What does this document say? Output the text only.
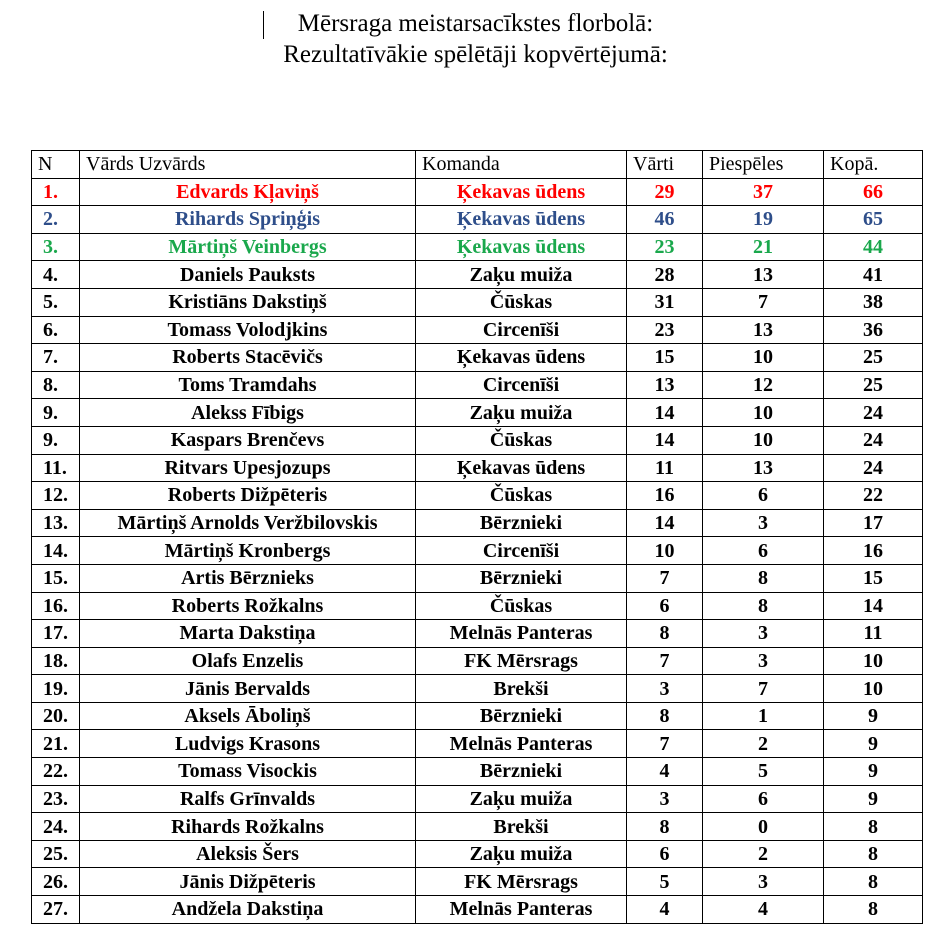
Mērsraga meistarsacīkstes florbolā:
Rezultatīvākie spēlētāji kopvērtējumā:
N	Vārds Uzvārds	Komanda	Vārti	Piespēles	Kopā.
1.	Edvards Kļaviņš	Ķekavas ūdens	29	37	66
2.	Rihards Spriņģis	Ķekavas ūdens	46	19	65
3.	Mārtiņš Veinbergs	Ķekavas ūdens	23	21	44
4.	Daniels Pauksts	Zaķu muiža	28	13	41
5.	Kristiāns Dakstiņš	Čūskas	31	7	38
6.	Tomass Volodjkins	Circenīši	23	13	36
7.	Roberts Stacēvičs	Ķekavas ūdens	15	10	25
8.	Toms Tramdahs	Circenīši	13	12	25
9.	Alekss Fībigs	Zaķu muiža	14	10	24
9.	Kaspars Brenčevs	Čūskas	14	10	24
11.	Ritvars Upesjozups	Ķekavas ūdens	11	13	24
12.	Roberts Dižpēteris	Čūskas	16	6	22
13.	Mārtiņš Arnolds Veržbilovskis	Bērznieki	14	3	17
14.	Mārtiņš Kronbergs	Circenīši	10	6	16
15.	Artis Bērznieks	Bērznieki	7	8	15
16.	Roberts Rožkalns	Čūskas	6	8	14
17.	Marta Dakstiņa	Melnās Panteras	8	3	11
18.	Olafs Enzelis	FK Mērsrags	7	3	10
19.	Jānis Bervalds	Brekši	3	7	10
20.	Aksels Āboliņš	Bērznieki	8	1	9
21.	Ludvigs Krasons	Melnās Panteras	7	2	9
22.	Tomass Visockis	Bērznieki	4	5	9
23.	Ralfs Grīnvalds	Zaķu muiža	3	6	9
24.	Rihards Rožkalns	Brekši	8	0	8
25.	Aleksis Šers	Zaķu muiža	6	2	8
26.	Jānis Dižpēteris	FK Mērsrags	5	3	8
27.	Andžela Dakstiņa	Melnās Panteras	4	4	8
